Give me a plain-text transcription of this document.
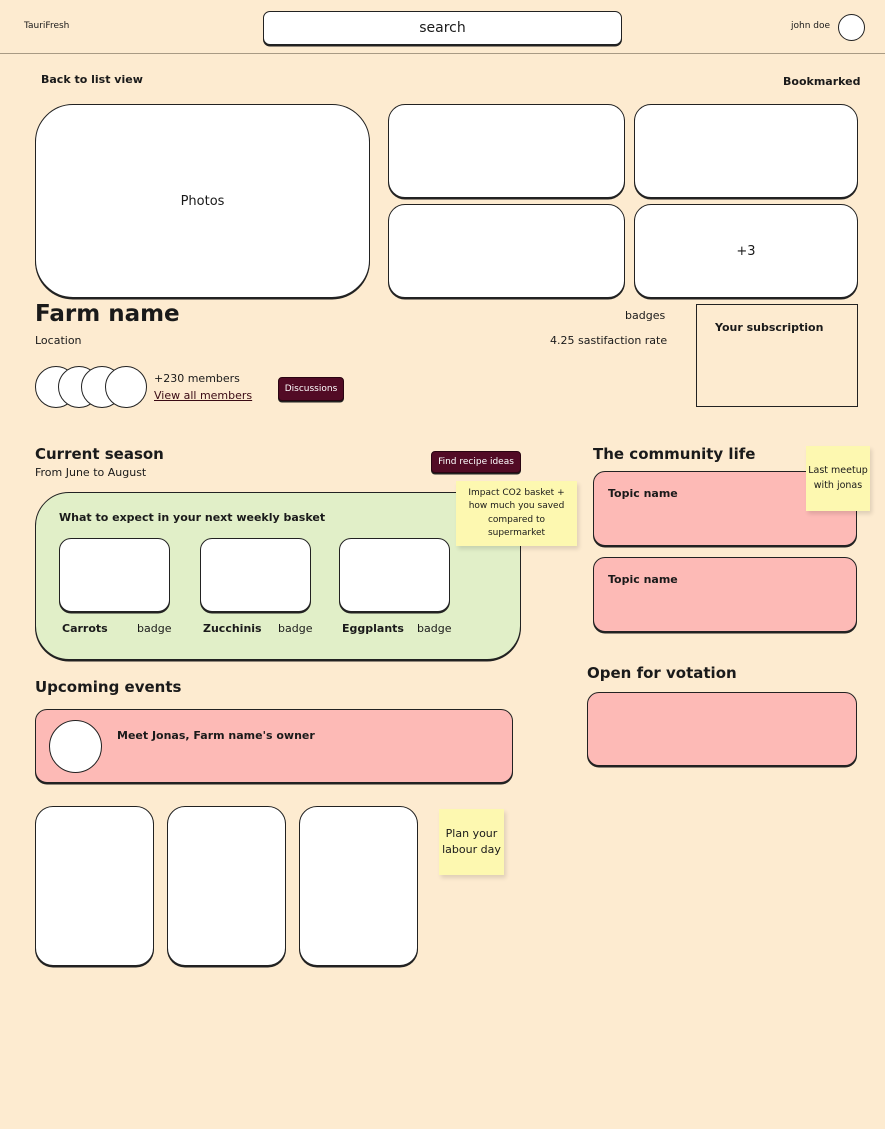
TauriFresh	search	john doe
Back to list view	Bookmarked
Photos
+3
Farm name
Location
badges
4.25 sastifaction rate
Your subscription
+230 members
View all members	Discussions
Current season
From June to August
Find recipe ideas
What to expect in your next weekly basket
Carrots	badge	Zucchinis badge	Eggplants badge
The community life
Topic name
Topic name
Open for votation
Upcoming events
Meet Jonas, Farm name's owner
Impact CO2 basket + how much you saved compared to supermarket
Last meetup with jonas
Plan your labour day
